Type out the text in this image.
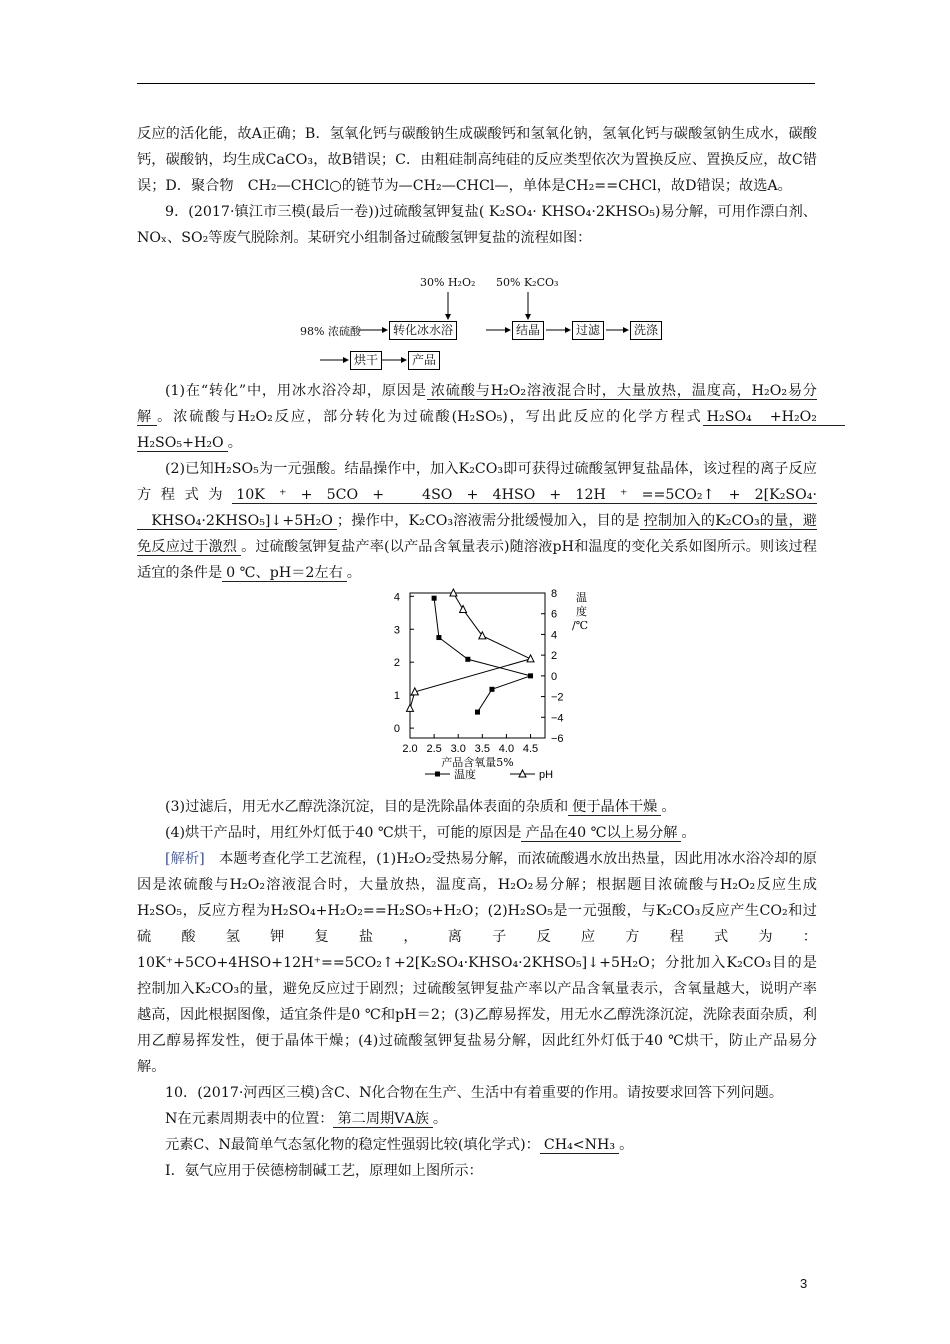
反应的活化能，故A正确；B．氢氧化钙与碳酸钠生成碳酸钙和氢氧化钠，氢氧化钙与碳酸氢钠生成水，碳酸钙，碳酸钠，均生成CaCO₃，故B错误；C．由粗硅制高纯硅的反应类型依次为置换反应、置换反应，故C错误；D．聚合物　CH₂—CHCl○的链节为—CH₂—CHCl—，单体是CH₂==CHCl，故D错误；故选A。

9．(2017·镇江市三模(最后一卷))过硫酸氢钾复盐( K₂SO₄· KHSO₄·2KHSO₅)易分解，可用作漂白剂、NOₓ、SO₂等废气脱除剂。某研究小组制备过硫酸氢钾复盐的流程如图：

30% H₂O₂ 50% K₂CO₃
98% 浓硫酸	转化冰水浴	结晶	过滤	洗涤
烘干	产品

(1)在“转化”中，用冰水浴冷却，原因是 浓硫酸与H₂O₂溶液混合时，大量放热，温度高，H₂O₂易分解 。浓硫酸与H₂O₂反应，部分转化为过硫酸(H₂SO₅)，写出此反应的化学方程式 H₂SO₄　+H₂O₂　　H₂SO₅+H₂O 。

(2)已知H₂SO₅为一元强酸。结晶操作中，加入K₂CO₃即可获得过硫酸氢钾复盐晶体，该过程的离子反应方程式为 10K ⁺ + 5CO + 　4SO + 4HSO + 12H ⁺ ==5CO₂↑ + 2[K₂SO₄· 　KHSO₄·2KHSO₅]↓+5H₂O ；操作中，K₂CO₃溶液需分批缓慢加入，目的是 控制加入的K₂CO₃的量，避免反应过于激烈 。过硫酸氢钾复盐产率(以产品含氧量表示)随溶液pH和温度的变化关系如图所示。则该过程适宜的条件是 0 ℃、pH＝2左右 。

2.0 2.5 3.0 3.5 4.0 4.5
0
1
2
3
4
−6
−4
−2
0
2
4
6
8 温
度
/℃
产品含氧量5%
温度	pH

(3)过滤后，用无水乙醇洗涤沉淀，目的是洗除晶体表面的杂质和 便于晶体干燥 。

(4)烘干产品时，用红外灯低于40 ℃烘干，可能的原因是 产品在40 ℃以上易分解 。

[解析]　 本题考查化学工艺流程，(1)H₂O₂受热易分解，而浓硫酸遇水放出热量，因此用冰水浴冷却的原因是浓硫酸与H₂O₂溶液混合时，大量放热，温度高，H₂O₂易分解；根据题目浓硫酸与H₂O₂反应生成H₂SO₅，反应方程为H₂SO₄+H₂O₂==H₂SO₅+H₂O；(2)H₂SO₅是一元强酸，与K₂CO₃反应产生CO₂和过硫酸氢钾复盐，离子反应方程式为：10K⁺+5CO+4HSO+12H⁺==5CO₂↑+2[K₂SO₄·KHSO₄·2KHSO₅]↓+5H₂O；分批加入K₂CO₃目的是控制加入K₂CO₃的量，避免反应过于剧烈；过硫酸氢钾复盐产率以产品含氧量表示，含氧量越大，说明产率越高，因此根据图像，适宜条件是0 ℃和pH＝2；(3)乙醇易挥发，用无水乙醇洗涤沉淀，洗除表面杂质，利用乙醇易挥发性，便于晶体干燥；(4)过硫酸氢钾复盐易分解，因此红外灯低于40 ℃烘干，防止产品易分解。

10．(2017·河西区三模)含C、N化合物在生产、生活中有着重要的作用。请按要求回答下列问题。

N在元素周期表中的位置： 第二周期ⅤA族 。

元素C、N最简单气态氢化物的稳定性强弱比较(填化学式)： CH₄<NH₃ 。

Ⅰ．氨气应用于侯德榜制碱工艺，原理如上图所示：

3
